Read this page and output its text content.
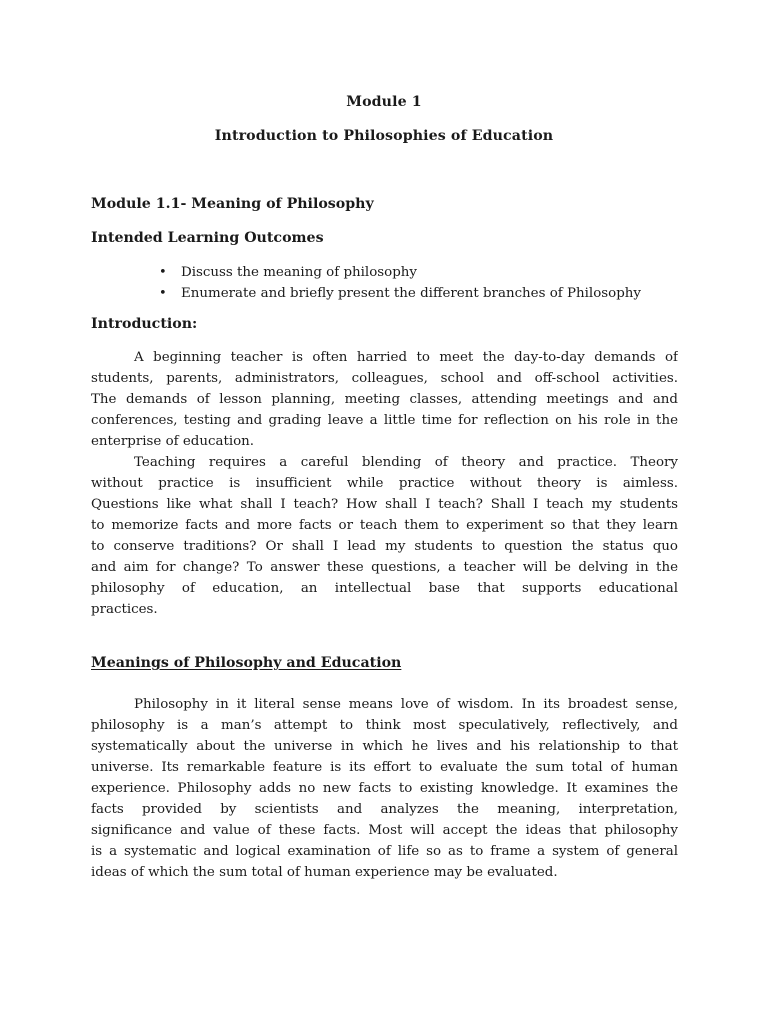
Module 1
Introduction to Philosophies of Education
Module 1.1- Meaning of Philosophy
Intended Learning Outcomes
• Discuss the meaning of philosophy
• Enumerate and briefly present the different branches of Philosophy
Introduction:
A beginning teacher is often harried to meet the day-to-day demands of
students, parents, administrators, colleagues, school and off-school activities.
The demands of lesson planning, meeting classes, attending meetings and and
conferences, testing and grading leave a little time for reflection on his role in the
enterprise of education.
Teaching requires a careful blending of theory and practice. Theory
without practice is insufficient while practice without theory is aimless.
Questions like what shall I teach? How shall I teach? Shall I teach my students
to memorize facts and more facts or teach them to experiment so that they learn
to conserve traditions? Or shall I lead my students to question the status quo
and aim for change? To answer these questions, a teacher will be delving in the
philosophy of education, an intellectual base that supports educational
practices.
Meanings of Philosophy and Education
Philosophy in it literal sense means love of wisdom. In its broadest sense,
philosophy is a man’s attempt to think most speculatively, reflectively, and
systematically about the universe in which he lives and his relationship to that
universe. Its remarkable feature is its effort to evaluate the sum total of human
experience. Philosophy adds no new facts to existing knowledge. It examines the
facts provided by scientists and analyzes the meaning, interpretation,
significance and value of these facts. Most will accept the ideas that philosophy
is a systematic and logical examination of life so as to frame a system of general
ideas of which the sum total of human experience may be evaluated.
